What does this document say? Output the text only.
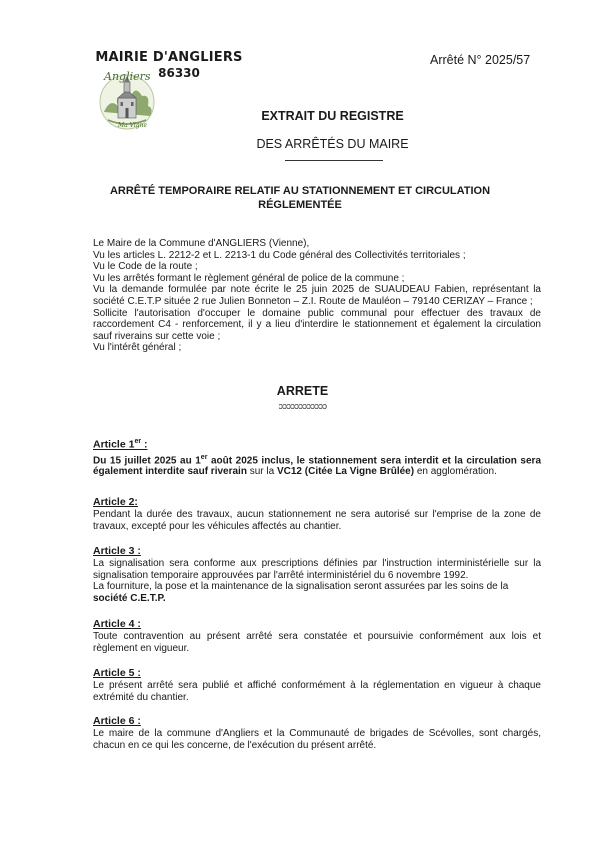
MAIRIE D'ANGLIERS
86330
Angliers
Ma Vigne
Arrêté N° 2025/57
EXTRAIT DU REGISTRE
DES ARRÊTÉS DU MAIRE
ARRÊTÉ TEMPORAIRE RELATIF AU STATIONNEMENT ET CIRCULATION
RÉGLEMENTÉE

Le Maire de la Commune d'ANGLIERS (Vienne),

Vu les articles L. 2212-2 et L. 2213-1 du Code général des Collectivités territoriales ;

Vu le Code de la route ;

Vu les arrêtés formant le règlement général de police de la commune ;

Vu la demande formulée par note écrite le 25 juin 2025 de SUAUDEAU Fabien, représentant la société C.E.T.P située 2 rue Julien Bonneton – Z.I. Route de Mauléon – 79140 CERIZAY – France ;

Sollicite l'autorisation d'occuper le domaine public communal pour effectuer des travaux de raccordement C4 - renforcement, il y a lieu d'interdire le stationnement et également la circulation sauf riverains sur cette voie ;

Vu l'intérêt général ;

ARRETE
ɔɔɔɔɔɔɔɔɔɔɔɔ
Article 1er :

Du 15 juillet 2025 au 1er août 2025 inclus, le stationnement sera interdit et la circulation sera également interdite sauf riverain sur la VC12 (Citée La Vigne Brûlée) en agglomération.

Article 2:

Pendant la durée des travaux, aucun stationnement ne sera autorisé sur l'emprise de la zone de travaux, excepté pour les véhicules affectés au chantier.

Article 3 :

La signalisation sera conforme aux prescriptions définies par l'instruction interministérielle sur la signalisation temporaire approuvées par l'arrêté interministériel du 6 novembre 1992.

La fourniture, la pose et la maintenance de la signalisation seront assurées par les soins de la société C.E.T.P.

Article 4 :

Toute contravention au présent arrêté sera constatée et poursuivie conformément aux lois et règlement en vigueur.

Article 5 :

Le présent arrêté sera publié et affiché conformément à la réglementation en vigueur à chaque extrémité du chantier.

Article 6 :

Le maire de la commune d'Angliers et la Communauté de brigades de Scévolles, sont chargés, chacun en ce qui les concerne, de l'exécution du présent arrêté.
